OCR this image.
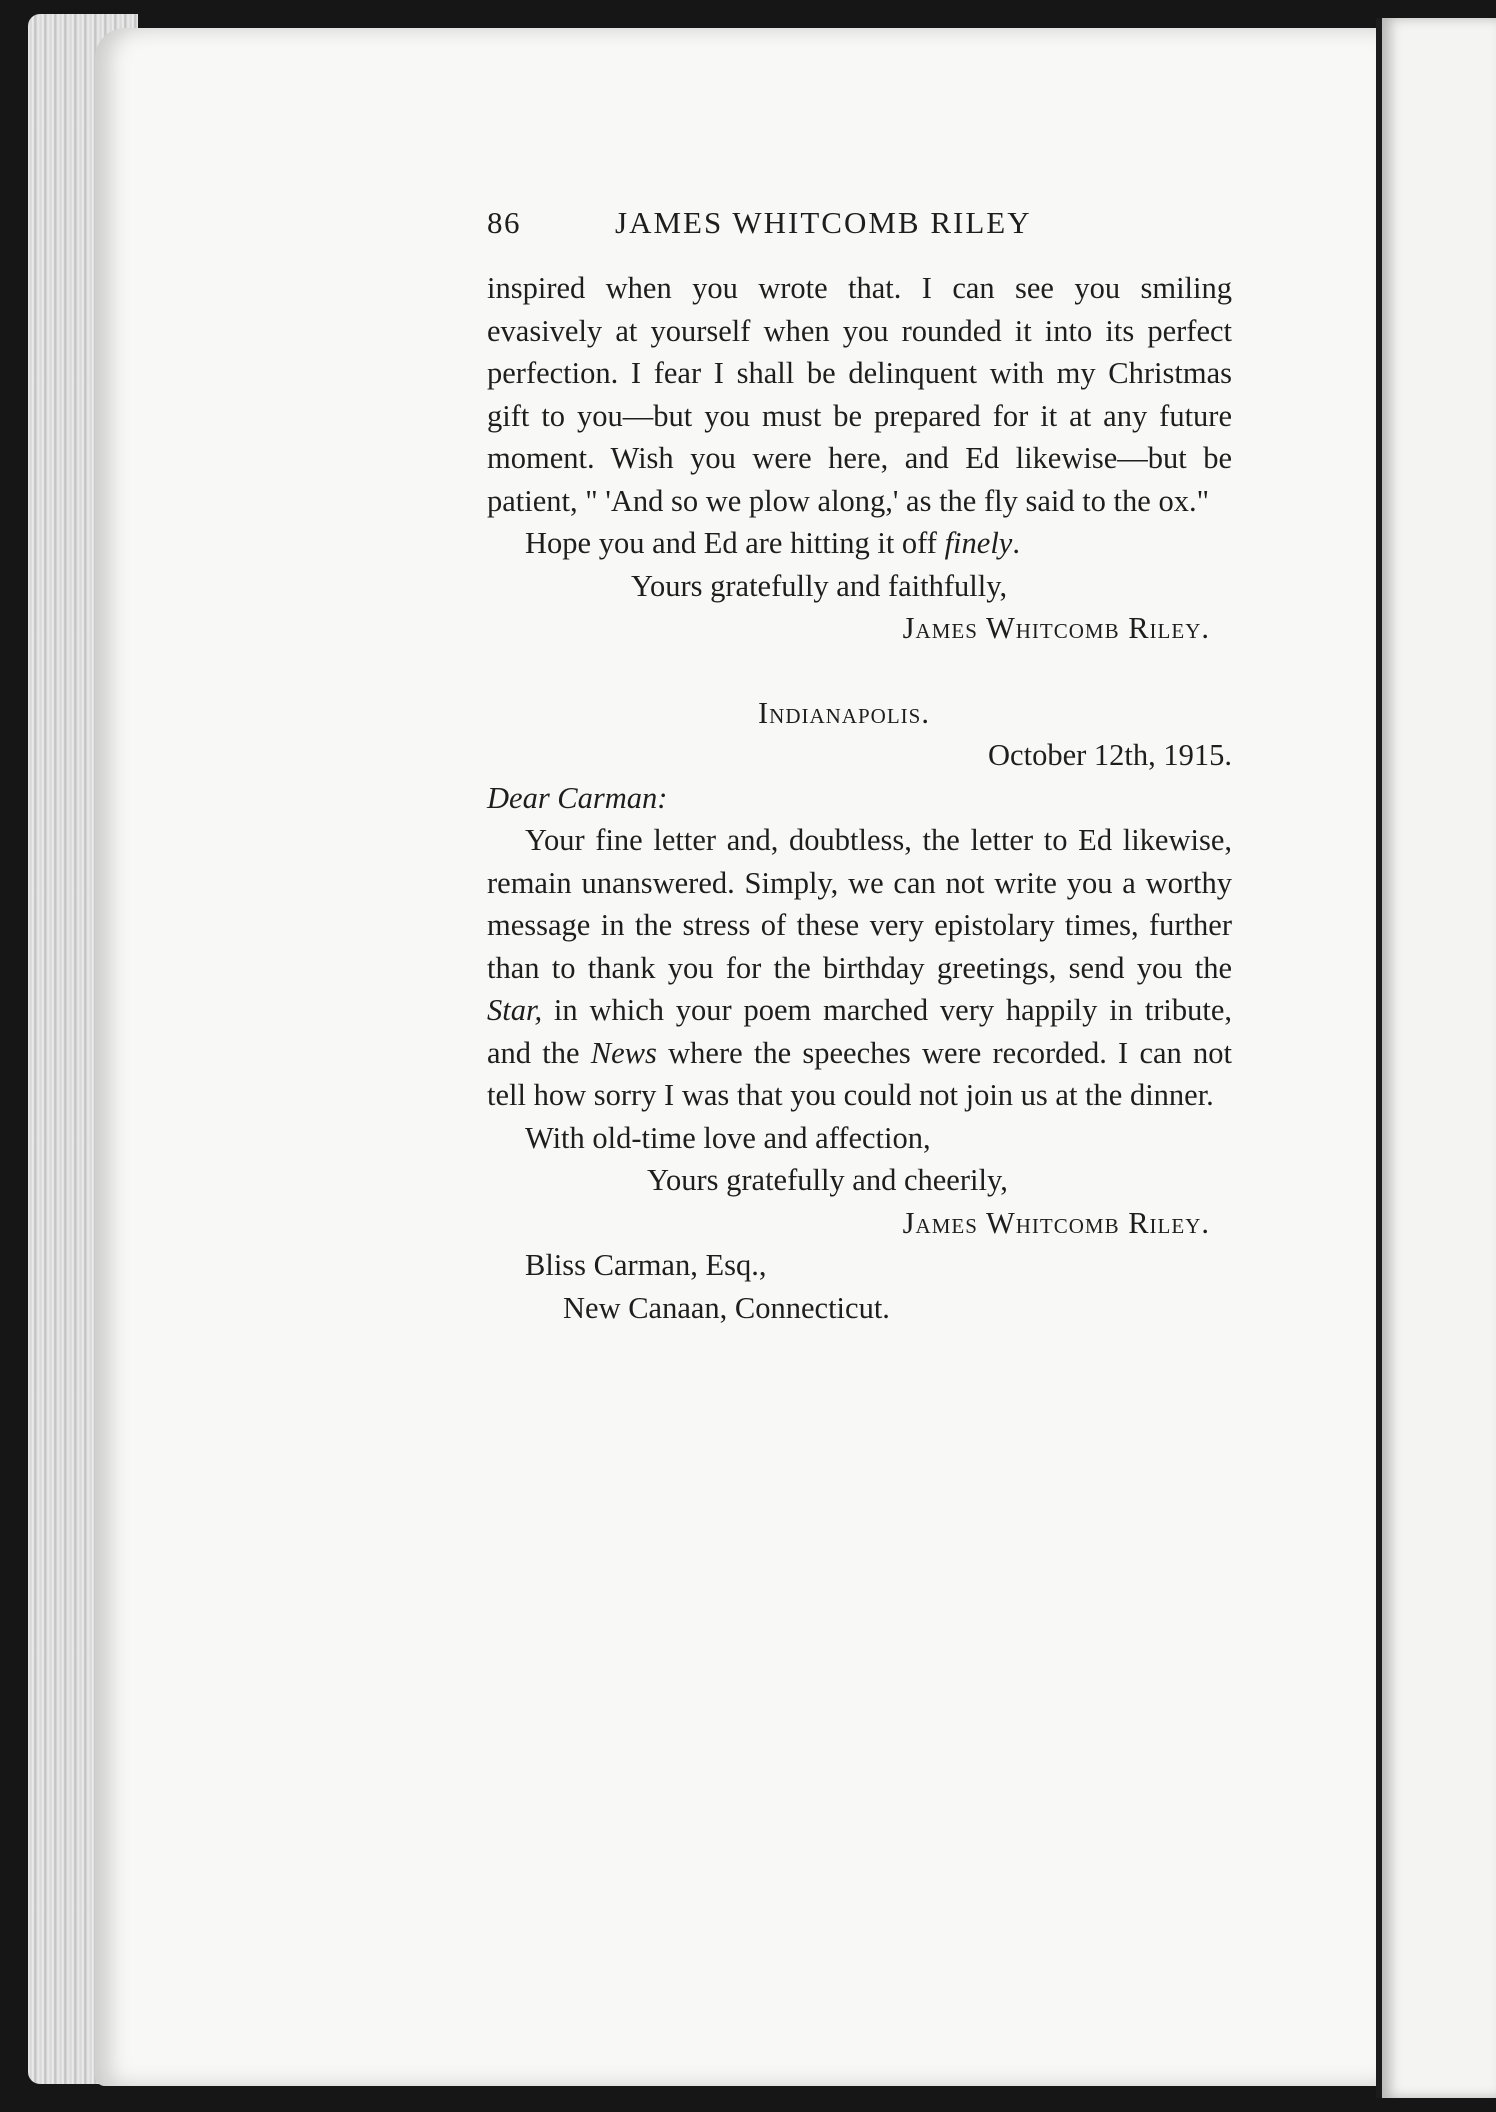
86	JAMES WHITCOMB RILEY

inspired when you wrote that. I can see you smiling evasively at yourself when you rounded it into its perfect perfection. I fear I shall be delinquent with my Christmas gift to you—but you must be prepared for it at any future moment. Wish you were here, and Ed likewise—but be patient, " 'And so we plow along,' as the fly said to the ox."

Hope you and Ed are hitting it off finely.

Yours gratefully and faithfully,

James Whitcomb Riley.

Indianapolis.

October 12th, 1915.

Dear Carman:

Your fine letter and, doubtless, the letter to Ed likewise, remain unanswered. Simply, we can not write you a worthy message in the stress of these very epistolary times, further than to thank you for the birthday greetings, send you the Star, in which your poem marched very happily in tribute, and the News where the speeches were recorded. I can not tell how sorry I was that you could not join us at the dinner.

With old-time love and affection,

Yours gratefully and cheerily,

James Whitcomb Riley.

Bliss Carman, Esq.,

New Canaan, Connecticut.
